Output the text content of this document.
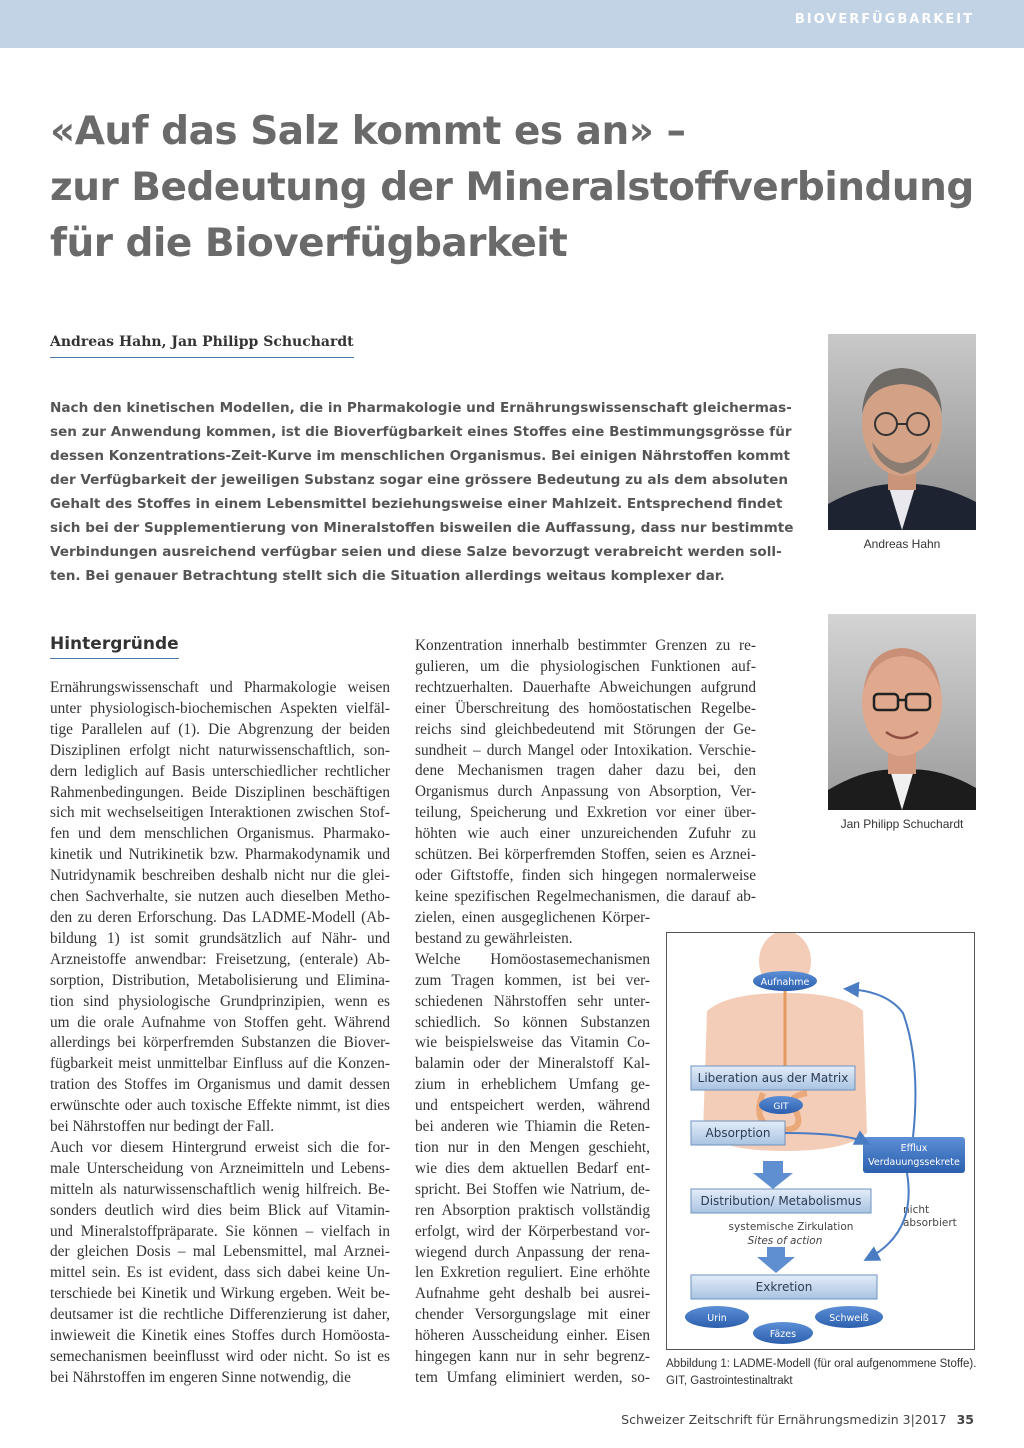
BIOVERFÜGBARKEIT
«Auf das Salz kommt es an» –
zur Bedeutung der Mineralstoffverbindung
für die Bioverfügbarkeit
Andreas Hahn, Jan Philipp Schuchardt
Nach den kinetischen Modellen, die in Pharmakologie und Ernährungswissenschaft gleichermas-
sen zur Anwendung kommen, ist die Bioverfügbarkeit eines Stoffes eine Bestimmungsgrösse für
dessen Konzentrations-Zeit-Kurve im menschlichen Organismus. Bei einigen Nährstoffen kommt
der Verfügbarkeit der jeweiligen Substanz sogar eine grössere Bedeutung zu als dem absoluten
Gehalt des Stoffes in einem Lebensmittel beziehungsweise einer Mahlzeit. Entsprechend findet
sich bei der Supplementierung von Mineralstoffen bisweilen die Auffassung, dass nur bestimmte
Verbindungen ausreichend verfügbar seien und diese Salze bevorzugt verabreicht werden soll-
ten. Bei genauer Betrachtung stellt sich die Situation allerdings weitaus komplexer dar.
Andreas Hahn
Jan Philipp Schuchardt
Hintergründe
Ernährungswissenschaft und Pharmakologie weisen
unter physiologisch-biochemischen Aspekten vielfäl-
tige Parallelen auf (1). Die Abgrenzung der beiden
Disziplinen erfolgt nicht naturwissenschaftlich, son-
dern lediglich auf Basis unterschiedlicher rechtlicher
Rahmenbedingungen. Beide Disziplinen beschäftigen
sich mit wechselseitigen Interaktionen zwischen Stof-
fen und dem menschlichen Organismus. Pharmako-
kinetik und Nutrikinetik bzw. Pharmakodynamik und
Nutridynamik beschreiben deshalb nicht nur die glei-
chen Sachverhalte, sie nutzen auch dieselben Metho-
den zu deren Erforschung. Das LADME-Modell (Ab-
bildung 1) ist somit grundsätzlich auf Nähr- und
Arzneistoffe anwendbar: Freisetzung, (enterale) Ab-
sorption, Distribution, Metabolisierung und Elimina-
tion sind physiologische Grundprinzipien, wenn es
um die orale Aufnahme von Stoffen geht. Während
allerdings bei körperfremden Substanzen die Biover-
fügbarkeit meist unmittelbar Einfluss auf die Konzen-
tration des Stoffes im Organismus und damit dessen
erwünschte oder auch toxische Effekte nimmt, ist dies
bei Nährstoffen nur bedingt der Fall.
Auch vor diesem Hintergrund erweist sich die for-
male Unterscheidung von Arzneimitteln und Lebens-
mitteln als naturwissenschaftlich wenig hilfreich. Be-
sonders deutlich wird dies beim Blick auf Vitamin-
und Mineralstoffpräparate. Sie können – vielfach in
der gleichen Dosis – mal Lebensmittel, mal Arznei-
mittel sein. Es ist evident, dass sich dabei keine Un-
terschiede bei Kinetik und Wirkung ergeben. Weit be-
deutsamer ist die rechtliche Differenzierung ist daher,
inwieweit die Kinetik eines Stoffes durch Homöosta-
semechanismen beeinflusst wird oder nicht. So ist es
bei Nährstoffen im engeren Sinne notwendig, die
Konzentration innerhalb bestimmter Grenzen zu re-
gulieren, um die physiologischen Funktionen auf-
rechtzuerhalten. Dauerhafte Abweichungen aufgrund
einer Überschreitung des homöostatischen Regelbe-
reichs sind gleichbedeutend mit Störungen der Ge-
sundheit – durch Mangel oder Intoxikation. Verschie-
dene Mechanismen tragen daher dazu bei, den
Organismus durch Anpassung von Absorption, Ver-
teilung, Speicherung und Exkretion vor einer über-
höhten wie auch einer unzureichenden Zufuhr zu
schützen. Bei körperfremden Stoffen, seien es Arznei-
oder Giftstoffe, finden sich hingegen normalerweise
keine spezifischen Regelmechanismen, die darauf ab-
zielen, einen ausgeglichenen Körper-
bestand zu gewährleisten.
Welche Homöostasemechanismen
zum Tragen kommen, ist bei ver-
schiedenen Nährstoffen sehr unter-
schiedlich. So können Substanzen
wie beispielsweise das Vitamin Co-
balamin oder der Mineralstoff Kal-
zium in erheblichem Umfang ge-
und entspeichert werden, während
bei anderen wie Thiamin die Reten-
tion nur in den Mengen geschieht,
wie dies dem aktuellen Bedarf ent-
spricht. Bei Stoffen wie Natrium, de-
ren Absorption praktisch vollständig
erfolgt, wird der Körperbestand vor-
wiegend durch Anpassung der rena-
len Exkretion reguliert. Eine erhöhte
Aufnahme geht deshalb bei ausrei-
chender Versorgungslage mit einer
höheren Ausscheidung einher. Eisen
hingegen kann nur in sehr begrenz-
tem Umfang eliminiert werden, so-
Aufnahme
Liberation aus der Matrix
GIT
Absorption
Efflux
Verdauungssekrete
Distribution/ Metabolismus
systemische Zirkulation
Sites of action
nicht
absorbiert
Exkretion
Urin
Fäzes
Schweiß
Abbildung 1: LADME-Modell (für oral aufgenommene Stoffe).
GIT, Gastrointestinaltrakt
Schweizer Zeitschrift für Ernährungsmedizin 3|2017 35
